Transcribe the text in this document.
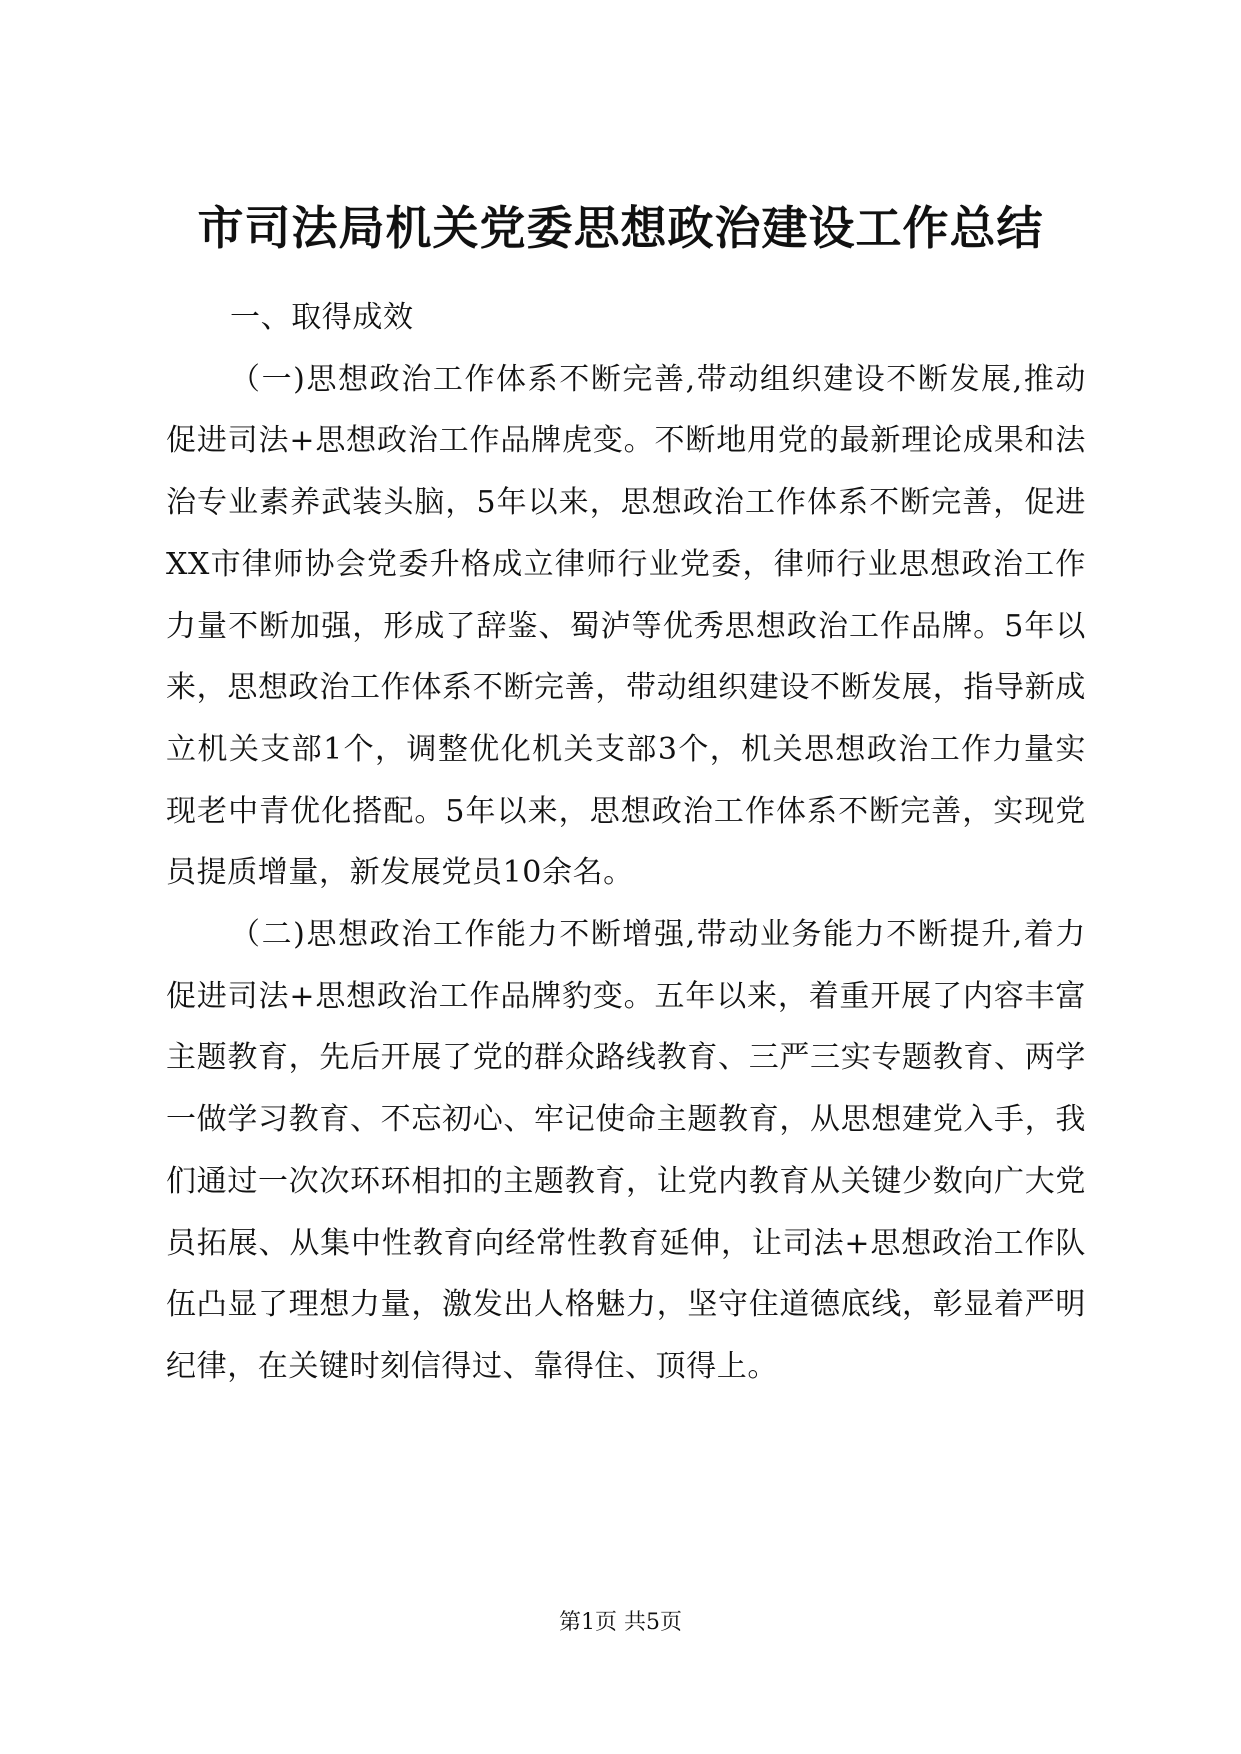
市司法局机关党委思想政治建设工作总结

一、取得成效

（一)思想政治工作体系不断完善,带动组织建设不断发展,推动促进司法+思想政治工作品牌虎变。不断地用党的最新理论成果和法治专业素养武装头脑，5年以来，思想政治工作体系不断完善，促进XX市律师协会党委升格成立律师行业党委，律师行业思想政治工作力量不断加强，形成了辞鉴、蜀泸等优秀思想政治工作品牌。5年以来，思想政治工作体系不断完善，带动组织建设不断发展，指导新成立机关支部1个，调整优化机关支部3个，机关思想政治工作力量实现老中青优化搭配。5年以来，思想政治工作体系不断完善，实现党员提质增量，新发展党员10余名。

（二)思想政治工作能力不断增强,带动业务能力不断提升,着力促进司法+思想政治工作品牌豹变。五年以来，着重开展了内容丰富主题教育，先后开展了党的群众路线教育、三严三实专题教育、两学一做学习教育、不忘初心、牢记使命主题教育，从思想建党入手，我们通过一次次环环相扣的主题教育，让党内教育从关键少数向广大党员拓展、从集中性教育向经常性教育延伸，让司法+思想政治工作队伍凸显了理想力量，激发出人格魅力，坚守住道德底线，彰显着严明纪律，在关键时刻信得过、靠得住、顶得上。

第1页 共5页
